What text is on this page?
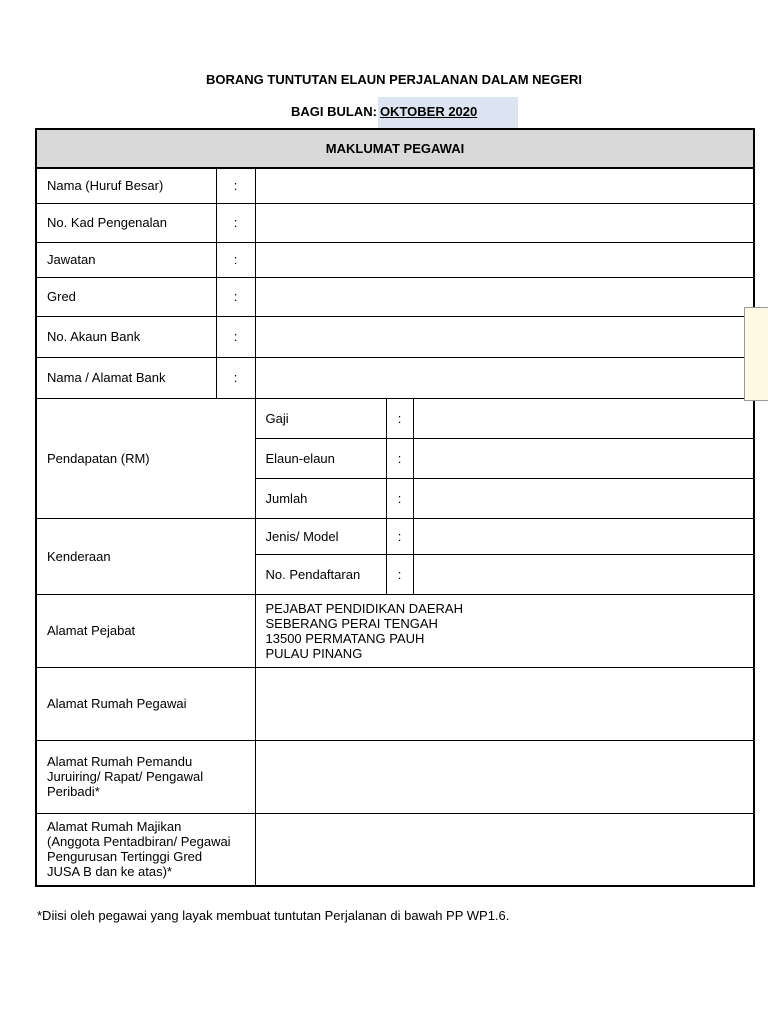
BORANG TUNTUTAN ELAUN PERJALANAN DALAM NEGERI
BAGI BULAN: OKTOBER 2020
MAKLUMAT PEGAWAI				
Nama (Huruf Besar)	:			
No. Kad Pengenalan	:			
Jawatan	:			
Gred	:			
No. Akaun Bank	:			
Nama / Alamat Bank	:			
Pendapatan (RM)		Gaji	:	
		Elaun-elaun	:	
		Jumlah	:	
Kenderaan		Jenis/ Model	:	
		No. Pendaftaran	:	
Alamat Pejabat		PEJABAT PENDIDIKAN DAERAH
SEBERANG PERAI TENGAH
13500 PERMATANG PAUH
PULAU PINANG		
Alamat Rumah Pegawai				
Alamat Rumah Pemandu
Juruiring/ Rapat/ Pengawal
Peribadi*				
Alamat Rumah Majikan
(Anggota Pentadbiran/ Pegawai
Pengurusan Tertinggi Gred
JUSA B dan ke atas)*				
*Diisi oleh pegawai yang layak membuat tuntutan Perjalanan di bawah PP WP1.6.
